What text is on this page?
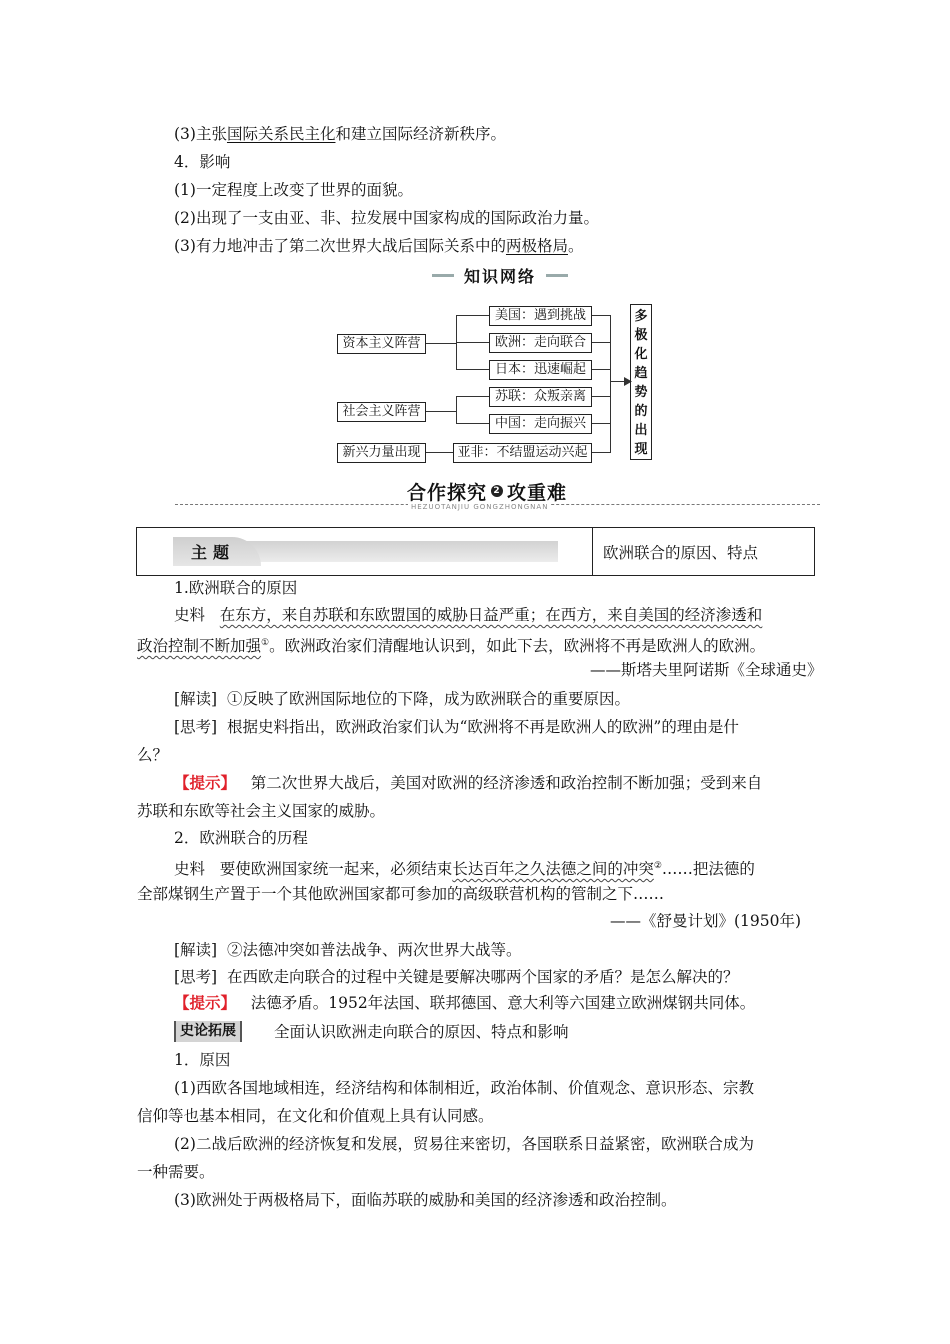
(3)主张国际关系民主化和建立国际经济新秩序。
4．影响
(1)一定程度上改变了世界的面貌。
(2)出现了一支由亚、非、拉发展中国家构成的国际政治力量。
(3)有力地冲击了第二次世界大战后国际关系中的两极格局。
知识网络
资本主义阵营
社会主义阵营
新兴力量出现
美国：遇到挑战
欧洲：走向联合
日本：迅速崛起
苏联：众叛亲离
中国：走向振兴
亚非：不结盟运动兴起
多
极
化
趋
势
的
出
现
合作探究 2 攻重难
HEZUOTANJIU GONGZHONGNAN
主题	欧洲联合的原因、特点
1.欧洲联合的原因
史料 在东方，来自苏联和东欧盟国的威胁日益严重；在西方，来自美国的经济渗透和
政治控制不断加强①。欧洲政治家们清醒地认识到，如此下去，欧洲将不再是欧洲人的欧洲。
——斯塔夫里阿诺斯《全球通史》
[解读] ①反映了欧洲国际地位的下降，成为欧洲联合的重要原因。
[思考] 根据史料指出，欧洲政治家们认为“欧洲将不再是欧洲人的欧洲”的理由是什
么？
【提示】 第二次世界大战后，美国对欧洲的经济渗透和政治控制不断加强；受到来自
苏联和东欧等社会主义国家的威胁。
2．欧洲联合的历程
史料 要使欧洲国家统一起来，必须结束长达百年之久法德之间的冲突②……把法德的
全部煤钢生产置于一个其他欧洲国家都可参加的高级联营机构的管制之下……
——《舒曼计划》(1950年)
[解读] ②法德冲突如普法战争、两次世界大战等。
[思考] 在西欧走向联合的过程中关键是要解决哪两个国家的矛盾？是怎么解决的？
【提示】 法德矛盾。1952年法国、联邦德国、意大利等六国建立欧洲煤钢共同体。
史论拓展	全面认识欧洲走向联合的原因、特点和影响
1．原因
(1)西欧各国地域相连，经济结构和体制相近，政治体制、价值观念、意识形态、宗教
信仰等也基本相同，在文化和价值观上具有认同感。
(2)二战后欧洲的经济恢复和发展，贸易往来密切，各国联系日益紧密，欧洲联合成为
一种需要。
(3)欧洲处于两极格局下，面临苏联的威胁和美国的经济渗透和政治控制。
